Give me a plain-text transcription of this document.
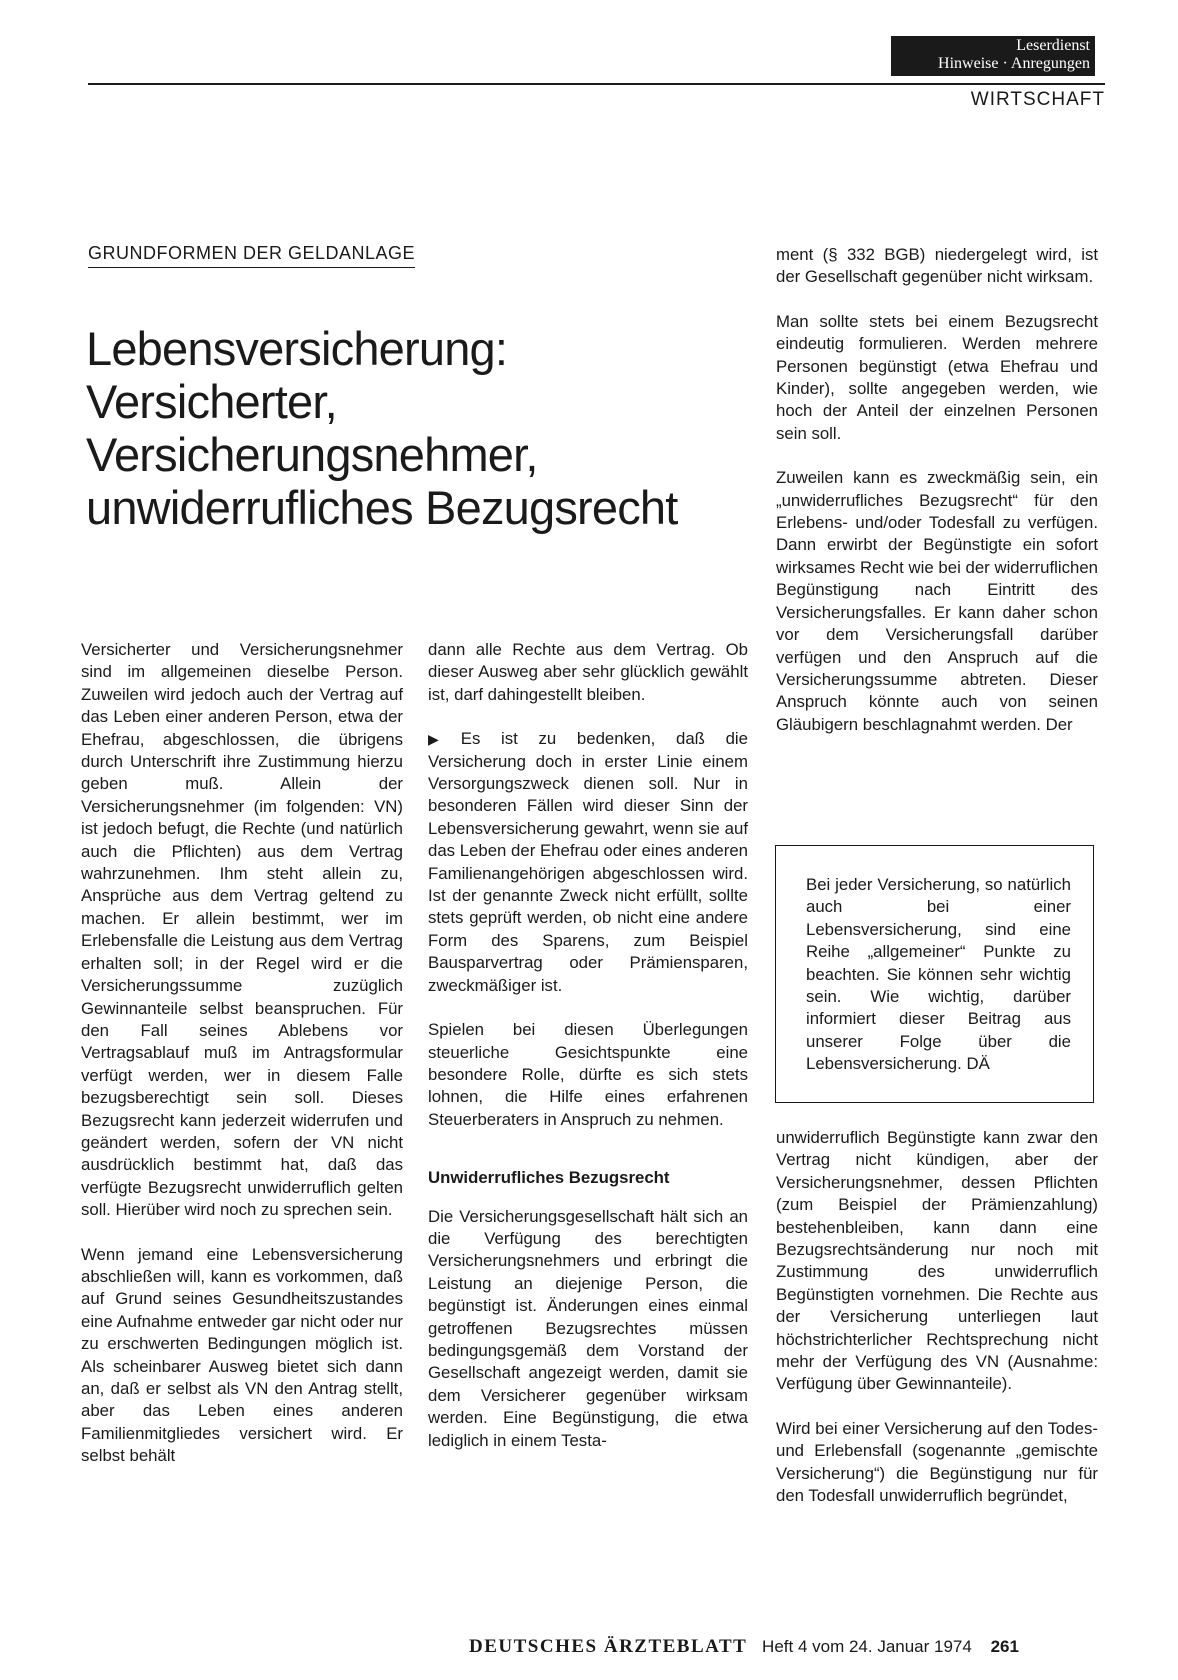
Leserdienst
Hinweise · Anregungen
WIRTSCHAFT
GRUNDFORMEN DER GELDANLAGE
Lebensversicherung:
Versicherter,
Versicherungsnehmer,
unwiderrufliches Bezugsrecht

Versicherter und Versicherungsnehmer sind im allgemeinen dieselbe Person. Zuweilen wird jedoch auch der Vertrag auf das Leben einer anderen Person, etwa der Ehefrau, abgeschlossen, die übrigens durch Unterschrift ihre Zustimmung hierzu geben muß. Allein der Versicherungsnehmer (im folgenden: VN) ist jedoch befugt, die Rechte (und natürlich auch die Pflichten) aus dem Vertrag wahrzunehmen. Ihm steht allein zu, Ansprüche aus dem Vertrag geltend zu machen. Er allein bestimmt, wer im Erlebensfalle die Leistung aus dem Vertrag erhalten soll; in der Regel wird er die Versicherungssumme zuzüglich Gewinnanteile selbst beanspruchen. Für den Fall seines Ablebens vor Vertragsablauf muß im Antragsformular verfügt werden, wer in diesem Falle bezugsberechtigt sein soll. Dieses Bezugsrecht kann jederzeit widerrufen und geändert werden, sofern der VN nicht ausdrücklich bestimmt hat, daß das verfügte Bezugsrecht unwiderruflich gelten soll. Hierüber wird noch zu sprechen sein.

Wenn jemand eine Lebensversicherung abschließen will, kann es vorkommen, daß auf Grund seines Gesundheitszustandes eine Aufnahme entweder gar nicht oder nur zu erschwerten Bedingungen möglich ist. Als scheinbarer Ausweg bietet sich dann an, daß er selbst als VN den Antrag stellt, aber das Leben eines anderen Familienmitgliedes versichert wird. Er selbst behält

dann alle Rechte aus dem Vertrag. Ob dieser Ausweg aber sehr glücklich gewählt ist, darf dahingestellt bleiben.

▶ Es ist zu bedenken, daß die Versicherung doch in erster Linie einem Versorgungszweck dienen soll. Nur in besonderen Fällen wird dieser Sinn der Lebensversicherung gewahrt, wenn sie auf das Leben der Ehefrau oder eines anderen Familienangehörigen abgeschlossen wird. Ist der genannte Zweck nicht erfüllt, sollte stets geprüft werden, ob nicht eine andere Form des Sparens, zum Beispiel Bausparvertrag oder Prämiensparen, zweckmäßiger ist.

Spielen bei diesen Überlegungen steuerliche Gesichtspunkte eine besondere Rolle, dürfte es sich stets lohnen, die Hilfe eines erfahrenen Steuerberaters in Anspruch zu nehmen.

Unwiderrufliches Bezugsrecht

Die Versicherungsgesellschaft hält sich an die Verfügung des berechtigten Versicherungsnehmers und erbringt die Leistung an diejenige Person, die begünstigt ist. Änderungen eines einmal getroffenen Bezugsrechtes müssen bedingungsgemäß dem Vorstand der Gesellschaft angezeigt werden, damit sie dem Versicherer gegenüber wirksam werden. Eine Begünstigung, die etwa lediglich in einem Testa-

ment (§ 332 BGB) niedergelegt wird, ist der Gesellschaft gegenüber nicht wirksam.

Man sollte stets bei einem Bezugsrecht eindeutig formulieren. Werden mehrere Personen begünstigt (etwa Ehefrau und Kinder), sollte angegeben werden, wie hoch der Anteil der einzelnen Personen sein soll.

Zuweilen kann es zweckmäßig sein, ein „unwiderrufliches Bezugsrecht“ für den Erlebens- und/oder Todesfall zu verfügen. Dann erwirbt der Begünstigte ein sofort wirksames Recht wie bei der widerruflichen Begünstigung nach Eintritt des Versicherungsfalles. Er kann daher schon vor dem Versicherungsfall darüber verfügen und den Anspruch auf die Versicherungssumme abtreten. Dieser Anspruch könnte auch von seinen Gläubigern beschlagnahmt werden. Der

Bei jeder Versicherung, so natürlich auch bei einer Lebensversicherung, sind eine Reihe „allgemeiner“ Punkte zu beachten. Sie können sehr wichtig sein. Wie wichtig, darüber informiert dieser Beitrag aus unserer Folge über die Lebensversicherung. DÄ

unwiderruflich Begünstigte kann zwar den Vertrag nicht kündigen, aber der Versicherungsnehmer, dessen Pflichten (zum Beispiel der Prämienzahlung) bestehenbleiben, kann dann eine Bezugsrechtsänderung nur noch mit Zustimmung des unwiderruflich Begünstigten vornehmen. Die Rechte aus der Versicherung unterliegen laut höchstrichterlicher Rechtsprechung nicht mehr der Verfügung des VN (Ausnahme: Verfügung über Gewinnanteile).

Wird bei einer Versicherung auf den Todes- und Erlebensfall (sogenannte „gemischte Versicherung“) die Begünstigung nur für den Todesfall unwiderruflich begründet,

DEUTSCHES ÄRZTEBLATT Heft 4 vom 24. Januar 1974 261
